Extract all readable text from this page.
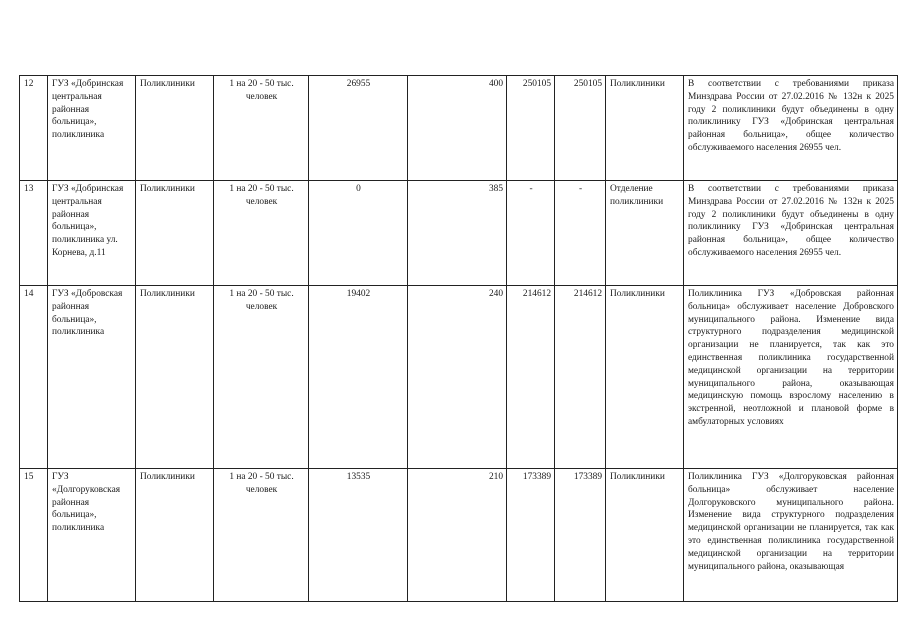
12	ГУЗ «Добринская центральная районная больница», поликлиника	Поликлиники	1 на 20 - 50 тыс. человек	26955	400	250105	250105	Поликлиники	В соответствии с требованиями приказа Минздрава России от 27.02.2016 № 132н к 2025 году 2 поликлиники будут объединены в одну поликлинику ГУЗ «Добринская центральная районная больница», общее количество обслуживаемого населения 26955 чел.
13	ГУЗ «Добринская центральная районная больница», поликлиника ул. Корнева, д.11	Поликлиники	1 на 20 - 50 тыс. человек	0	385	-	-	Отделение поликлиники	В соответствии с требованиями приказа Минздрава России от 27.02.2016 № 132н к 2025 году 2 поликлиники будут объединены в одну поликлинику ГУЗ «Добринская центральная районная больница», общее количество обслуживаемого населения 26955 чел.
14	ГУЗ «Добровская районная больница», поликлиника	Поликлиники	1 на 20 - 50 тыс. человек	19402	240	214612	214612	Поликлиники	Поликлиника ГУЗ «Добровская районная больница» обслуживает население Добровского муниципального района. Изменение вида структурного подразделения медицинской организации не планируется, так как это единственная поликлиника государственной медицинской организации на территории муниципального района, оказывающая медицинскую помощь взрослому населению в экстренной, неотложной и плановой форме в амбулаторных условиях
15	ГУЗ «Долгоруковская районная больница», поликлиника	Поликлиники	1 на 20 - 50 тыс. человек	13535	210	173389	173389	Поликлиники	Поликлиника ГУЗ «Долгоруковская районная больница» обслуживает население Долгоруковского муниципального района. Изменение вида структурного подразделения медицинской организации не планируется, так как это единственная поликлиника государственной медицинской организации на территории муниципального района, оказывающая
